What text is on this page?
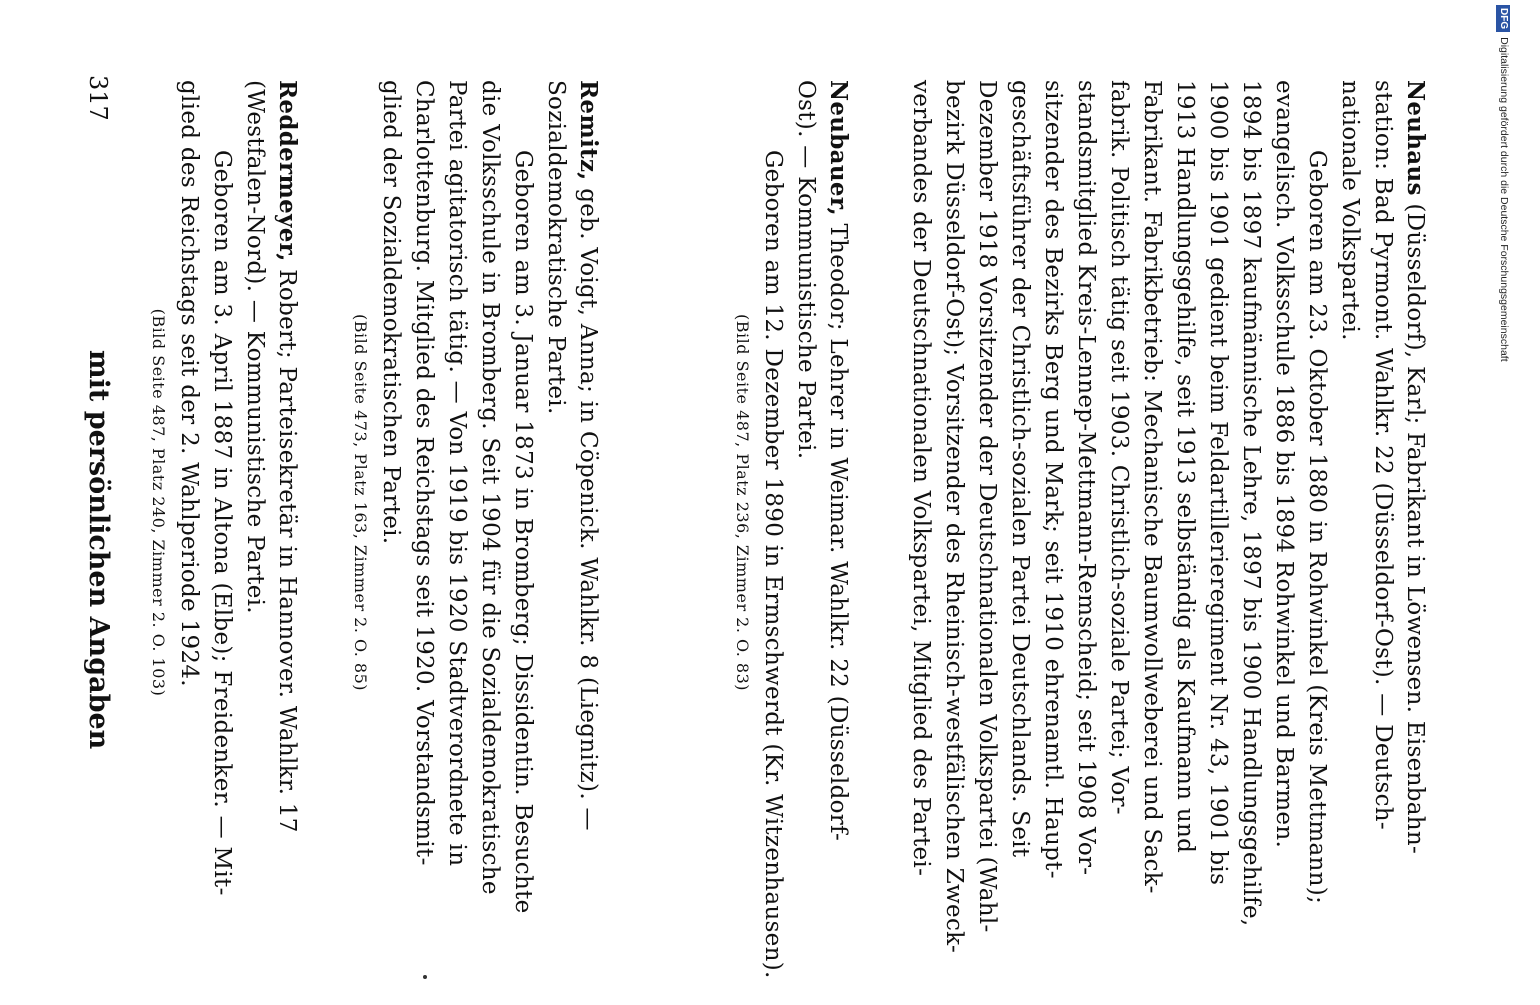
mit persönlichen Angaben
317	Reddermeyer, Robert; Parteisekretär in Hannover. Wahlkr. 17
(Westfalen-Nord). — Kommunistische Partei.
Geboren am 3. April 1887 in Altona (Elbe); Freidenker. — Mit-
glied des Reichstags seit der 2. Wahlperiode 1924.
(Bild Seite 487, Platz 240, Zimmer 2. O. 103)
Remitz, geb. Voigt, Anna; in Cöpenick. Wahlkr. 8 (Liegnitz). —
Sozialdemokratische Partei.
Geboren am 3. Januar 1873 in Bromberg; Dissidentin. Besuchte
die Volksschule in Bromberg. Seit 1904 für die Sozialdemokratische
Partei agitatorisch tätig. — Von 1919 bis 1920 Stadtverordnete in
Charlottenburg. Mitglied des Reichstags seit 1920. Vorstandsmit-
glied der Sozialdemokratischen Partei.
(Bild Seite 473, Platz 163, Zimmer 2. O. 85)
Neubauer, Theodor; Lehrer in Weimar. Wahlkr. 22 (Düsseldorf-
Ost). — Kommunistische Partei.
Geboren am 12. Dezember 1890 in Ermschwerdt (Kr. Witzenhausen).
(Bild Seite 487, Platz 236, Zimmer 2. O. 83)
Neuhaus (Düsseldorf), Karl; Fabrikant in Löwensen. Eisenbahn-
station: Bad Pyrmont. Wahlkr. 22 (Düsseldorf-Ost). — Deutsch-
nationale Volkspartei.
Geboren am 23. Oktober 1880 in Rohwinkel (Kreis Mettmann);
evangelisch. Volksschule 1886 bis 1894 Rohwinkel und Barmen.
1894 bis 1897 kaufmännische Lehre, 1897 bis 1900 Handlungsgehilfe,
1900 bis 1901 gedient beim Feldartillerieregiment Nr. 43, 1901 bis
1913 Handlungsgehilfe, seit 1913 selbständig als Kaufmann und
Fabrikant. Fabrikbetrieb: Mechanische Baumwollweberei und Sack-
fabrik. Politisch tätig seit 1903. Christlich-soziale Partei; Vor-
standsmitglied Kreis-Lennep-Mettmann-Remscheid; seit 1908 Vor-
sitzender des Bezirks Berg und Mark; seit 1910 ehrenamtl. Haupt-
geschäftsführer der Christlich-sozialen Partei Deutschlands. Seit
Dezember 1918 Vorsitzender der Deutschnationalen Volkspartei (Wahl-
bezirk Düsseldorf-Ost); Vorsitzender des Rheinisch-westfälischen Zweck-
verbandes der Deutschnationalen Volkspartei, Mitglied des Partei-
DFGDigitalisierung gefördert durch die Deutsche Forschungsgemeinschaft
